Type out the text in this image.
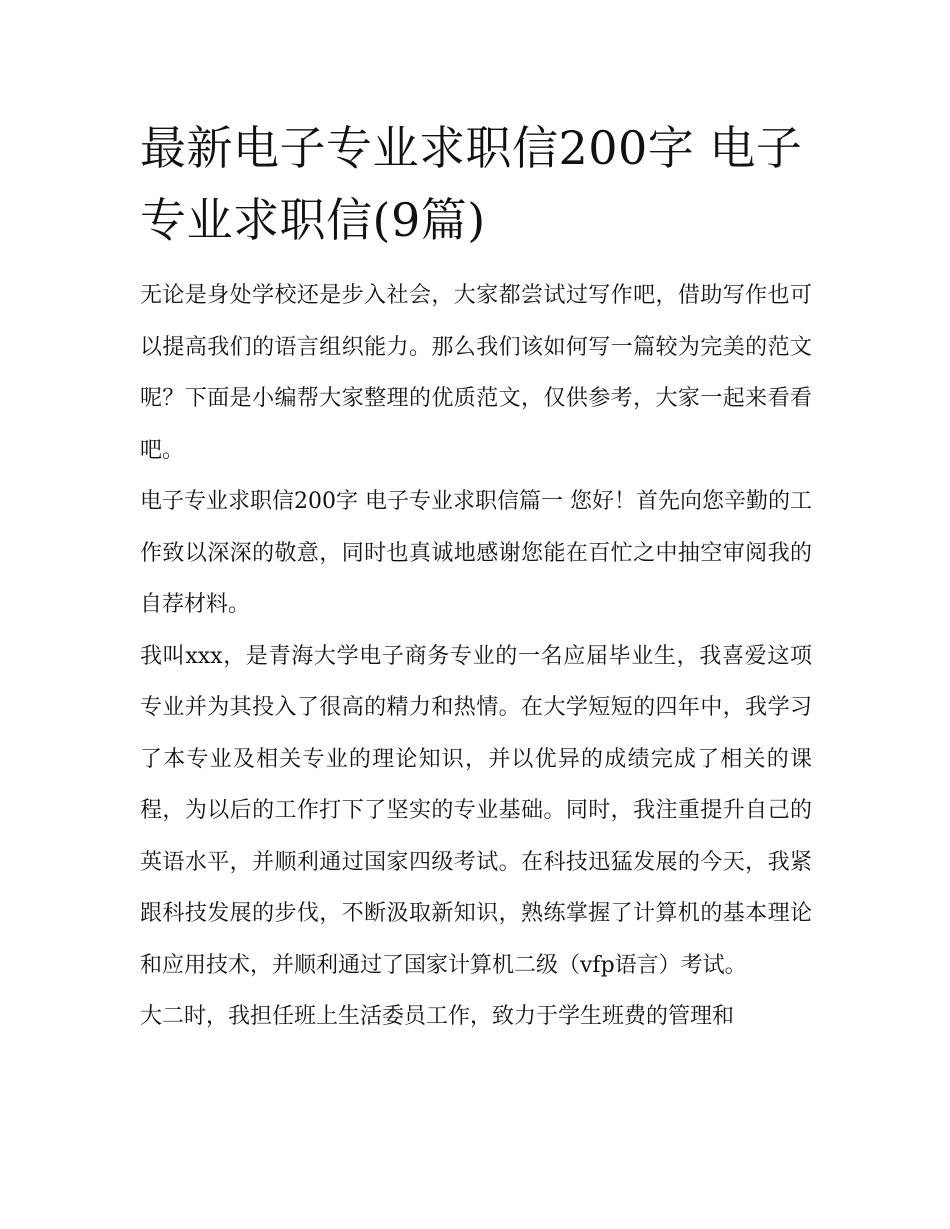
最新电子专业求职信200字 电子专业求职信(9篇)

无论是身处学校还是步入社会，大家都尝试过写作吧，借助写作也可以提高我们的语言组织能力。那么我们该如何写一篇较为完美的范文呢？下面是小编帮大家整理的优质范文，仅供参考，大家一起来看看吧。

电子专业求职信200字 电子专业求职信篇一 您好！首先向您辛勤的工作致以深深的敬意，同时也真诚地感谢您能在百忙之中抽空审阅我的自荐材料。

我叫xxx，是青海大学电子商务专业的一名应届毕业生，我喜爱这项专业并为其投入了很高的精力和热情。在大学短短的四年中，我学习了本专业及相关专业的理论知识，并以优异的成绩完成了相关的课程，为以后的工作打下了坚实的专业基础。同时，我注重提升自己的英语水平，并顺利通过国家四级考试。在科技迅猛发展的今天，我紧跟科技发展的步伐，不断汲取新知识，熟练掌握了计算机的基本理论和应用技术，并顺利通过了国家计算机二级（vfp语言）考试。

大二时，我担任班上生活委员工作，致力于学生班费的管理和
